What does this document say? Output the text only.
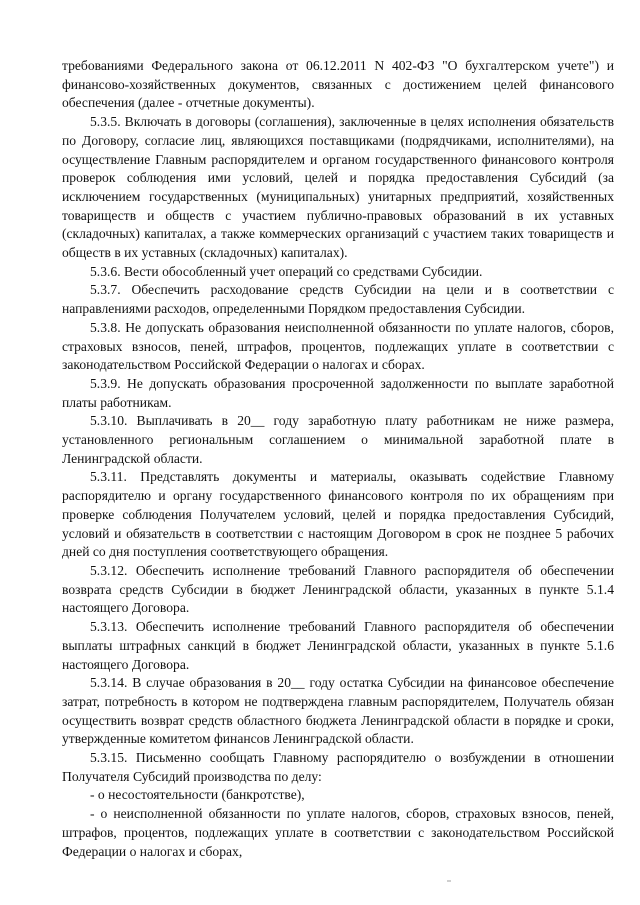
требованиями Федерального закона от 06.12.2011 N 402-ФЗ "О бухгалтерском учете") и финансово-хозяйственных документов, связанных с достижением целей финансового обеспечения (далее - отчетные документы).

5.3.5. Включать в договоры (соглашения), заключенные в целях исполнения обязательств по Договору, согласие лиц, являющихся поставщиками (подрядчиками, исполнителями), на осуществление Главным распорядителем и органом государственного финансового контроля проверок соблюдения ими условий, целей и порядка предоставления Субсидий (за исключением государственных (муниципальных) унитарных предприятий, хозяйственных товариществ и обществ с участием публично-правовых образований в их уставных (складочных) капиталах, а также коммерческих организаций с участием таких товариществ и обществ в их уставных (складочных) капиталах).

5.3.6. Вести обособленный учет операций со средствами Субсидии.

5.3.7. Обеспечить расходование средств Субсидии на цели и в соответствии с направлениями расходов, определенными Порядком предоставления Субсидии.

5.3.8. Не допускать образования неисполненной обязанности по уплате налогов, сборов, страховых взносов, пеней, штрафов, процентов, подлежащих уплате в соответствии с законодательством Российской Федерации о налогах и сборах.

5.3.9. Не допускать образования просроченной задолженности по выплате заработной платы работникам.

5.3.10. Выплачивать в 20__ году заработную плату работникам не ниже размера, установленного региональным соглашением о минимальной заработной плате в Ленинградской области.

5.3.11. Представлять документы и материалы, оказывать содействие Главному распорядителю и органу государственного финансового контроля по их обращениям при проверке соблюдения Получателем условий, целей и порядка предоставления Субсидий, условий и обязательств в соответствии с настоящим Договором в срок не позднее 5 рабочих дней со дня поступления соответствующего обращения.

5.3.12. Обеспечить исполнение требований Главного распорядителя об обеспечении возврата средств Субсидии в бюджет Ленинградской области, указанных в пункте 5.1.4 настоящего Договора.

5.3.13. Обеспечить исполнение требований Главного распорядителя об обеспечении выплаты штрафных санкций в бюджет Ленинградской области, указанных в пункте 5.1.6 настоящего Договора.

5.3.14. В случае образования в 20__ году остатка Субсидии на финансовое обеспечение затрат, потребность в котором не подтверждена главным распорядителем, Получатель обязан осуществить возврат средств областного бюджета Ленинградской области в порядке и сроки, утвержденные комитетом финансов Ленинградской области.

5.3.15. Письменно сообщать Главному распорядителю о возбуждении в отношении Получателя Субсидий производства по делу:

- о несостоятельности (банкротстве),

- о неисполненной обязанности по уплате налогов, сборов, страховых взносов, пеней, штрафов, процентов, подлежащих уплате в соответствии с законодательством Российской Федерации о налогах и сборах,
